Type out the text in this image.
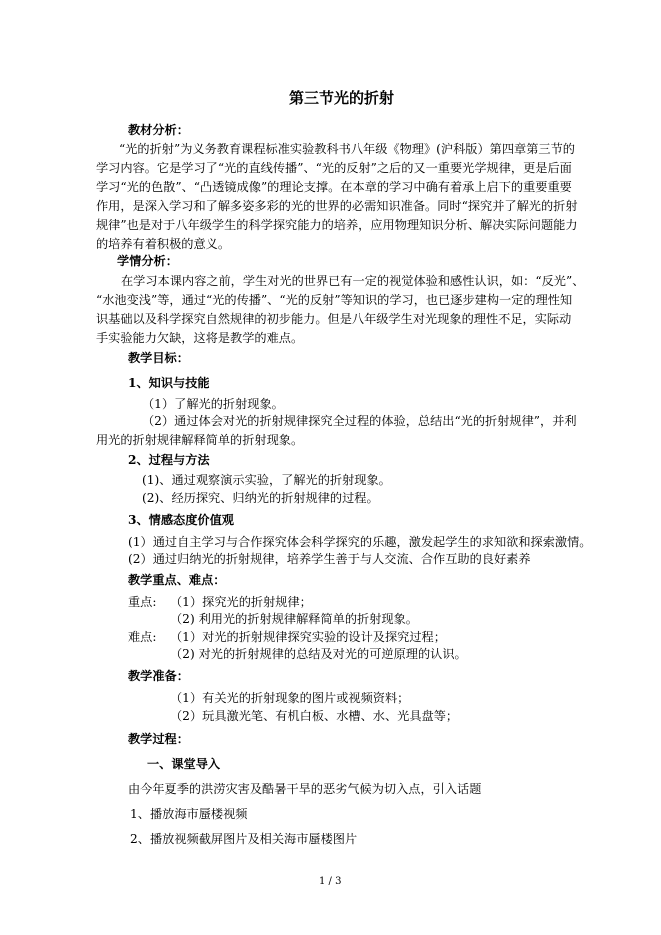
第三节光的折射
教材分析：
“光的折射”为义务教育课程标准实验教科书八年级《物理》(沪科版）第四章第三节的
学习内容。它是学习了“光的直线传播”、“光的反射”之后的又一重要光学规律，更是后面
学习“光的色散”、“凸透镜成像”的理论支撑。在本章的学习中确有着承上启下的重要重要
作用，是深入学习和了解多姿多彩的光的世界的必需知识准备。同时“探究并了解光的折射
规律”也是对于八年级学生的科学探究能力的培养，应用物理知识分析、解决实际问题能力
的培养有着积极的意义。
学情分析：
在学习本课内容之前，学生对光的世界已有一定的视觉体验和感性认识，如：“反光”、
“水池变浅”等，通过“光的传播”、“光的反射”等知识的学习，也已逐步建构一定的理性知
识基础以及科学探究自然规律的初步能力。但是八年级学生对光现象的理性不足，实际动
手实验能力欠缺，这将是教学的难点。
教学目标：
1、知识与技能
（1）了解光的折射现象。
（2）通过体会对光的折射规律探究全过程的体验，总结出“光的折射规律”，并利
用光的折射规律解释简单的折射现象。
2、过程与方法
(1)、通过观察演示实验，了解光的折射现象。
(2)、经历探究、归纳光的折射规律的过程。
3、情感态度价值观
(1）通过自主学习与合作探究体会科学探究的乐趣，激发起学生的求知欲和探索激情。
(2）通过归纳光的折射规律，培养学生善于与人交流、合作互助的良好素养
教学重点、难点：
重点: （1）探究光的折射规律；
（2) 利用光的折射规律解释简单的折射现象。
难点: （1）对光的折射规律探究实验的设计及探究过程；
（2) 对光的折射规律的总结及对光的可逆原理的认识。
教学准备：
（1）有关光的折射现象的图片或视频资料；
（2）玩具激光笔、有机白板、水槽、水、光具盘等；
教学过程：
一、课堂导入
由今年夏季的洪涝灾害及酷暑干旱的恶劣气候为切入点，引入话题
1、播放海市蜃楼视频
2、播放视频截屏图片及相关海市蜃楼图片
1 / 3
